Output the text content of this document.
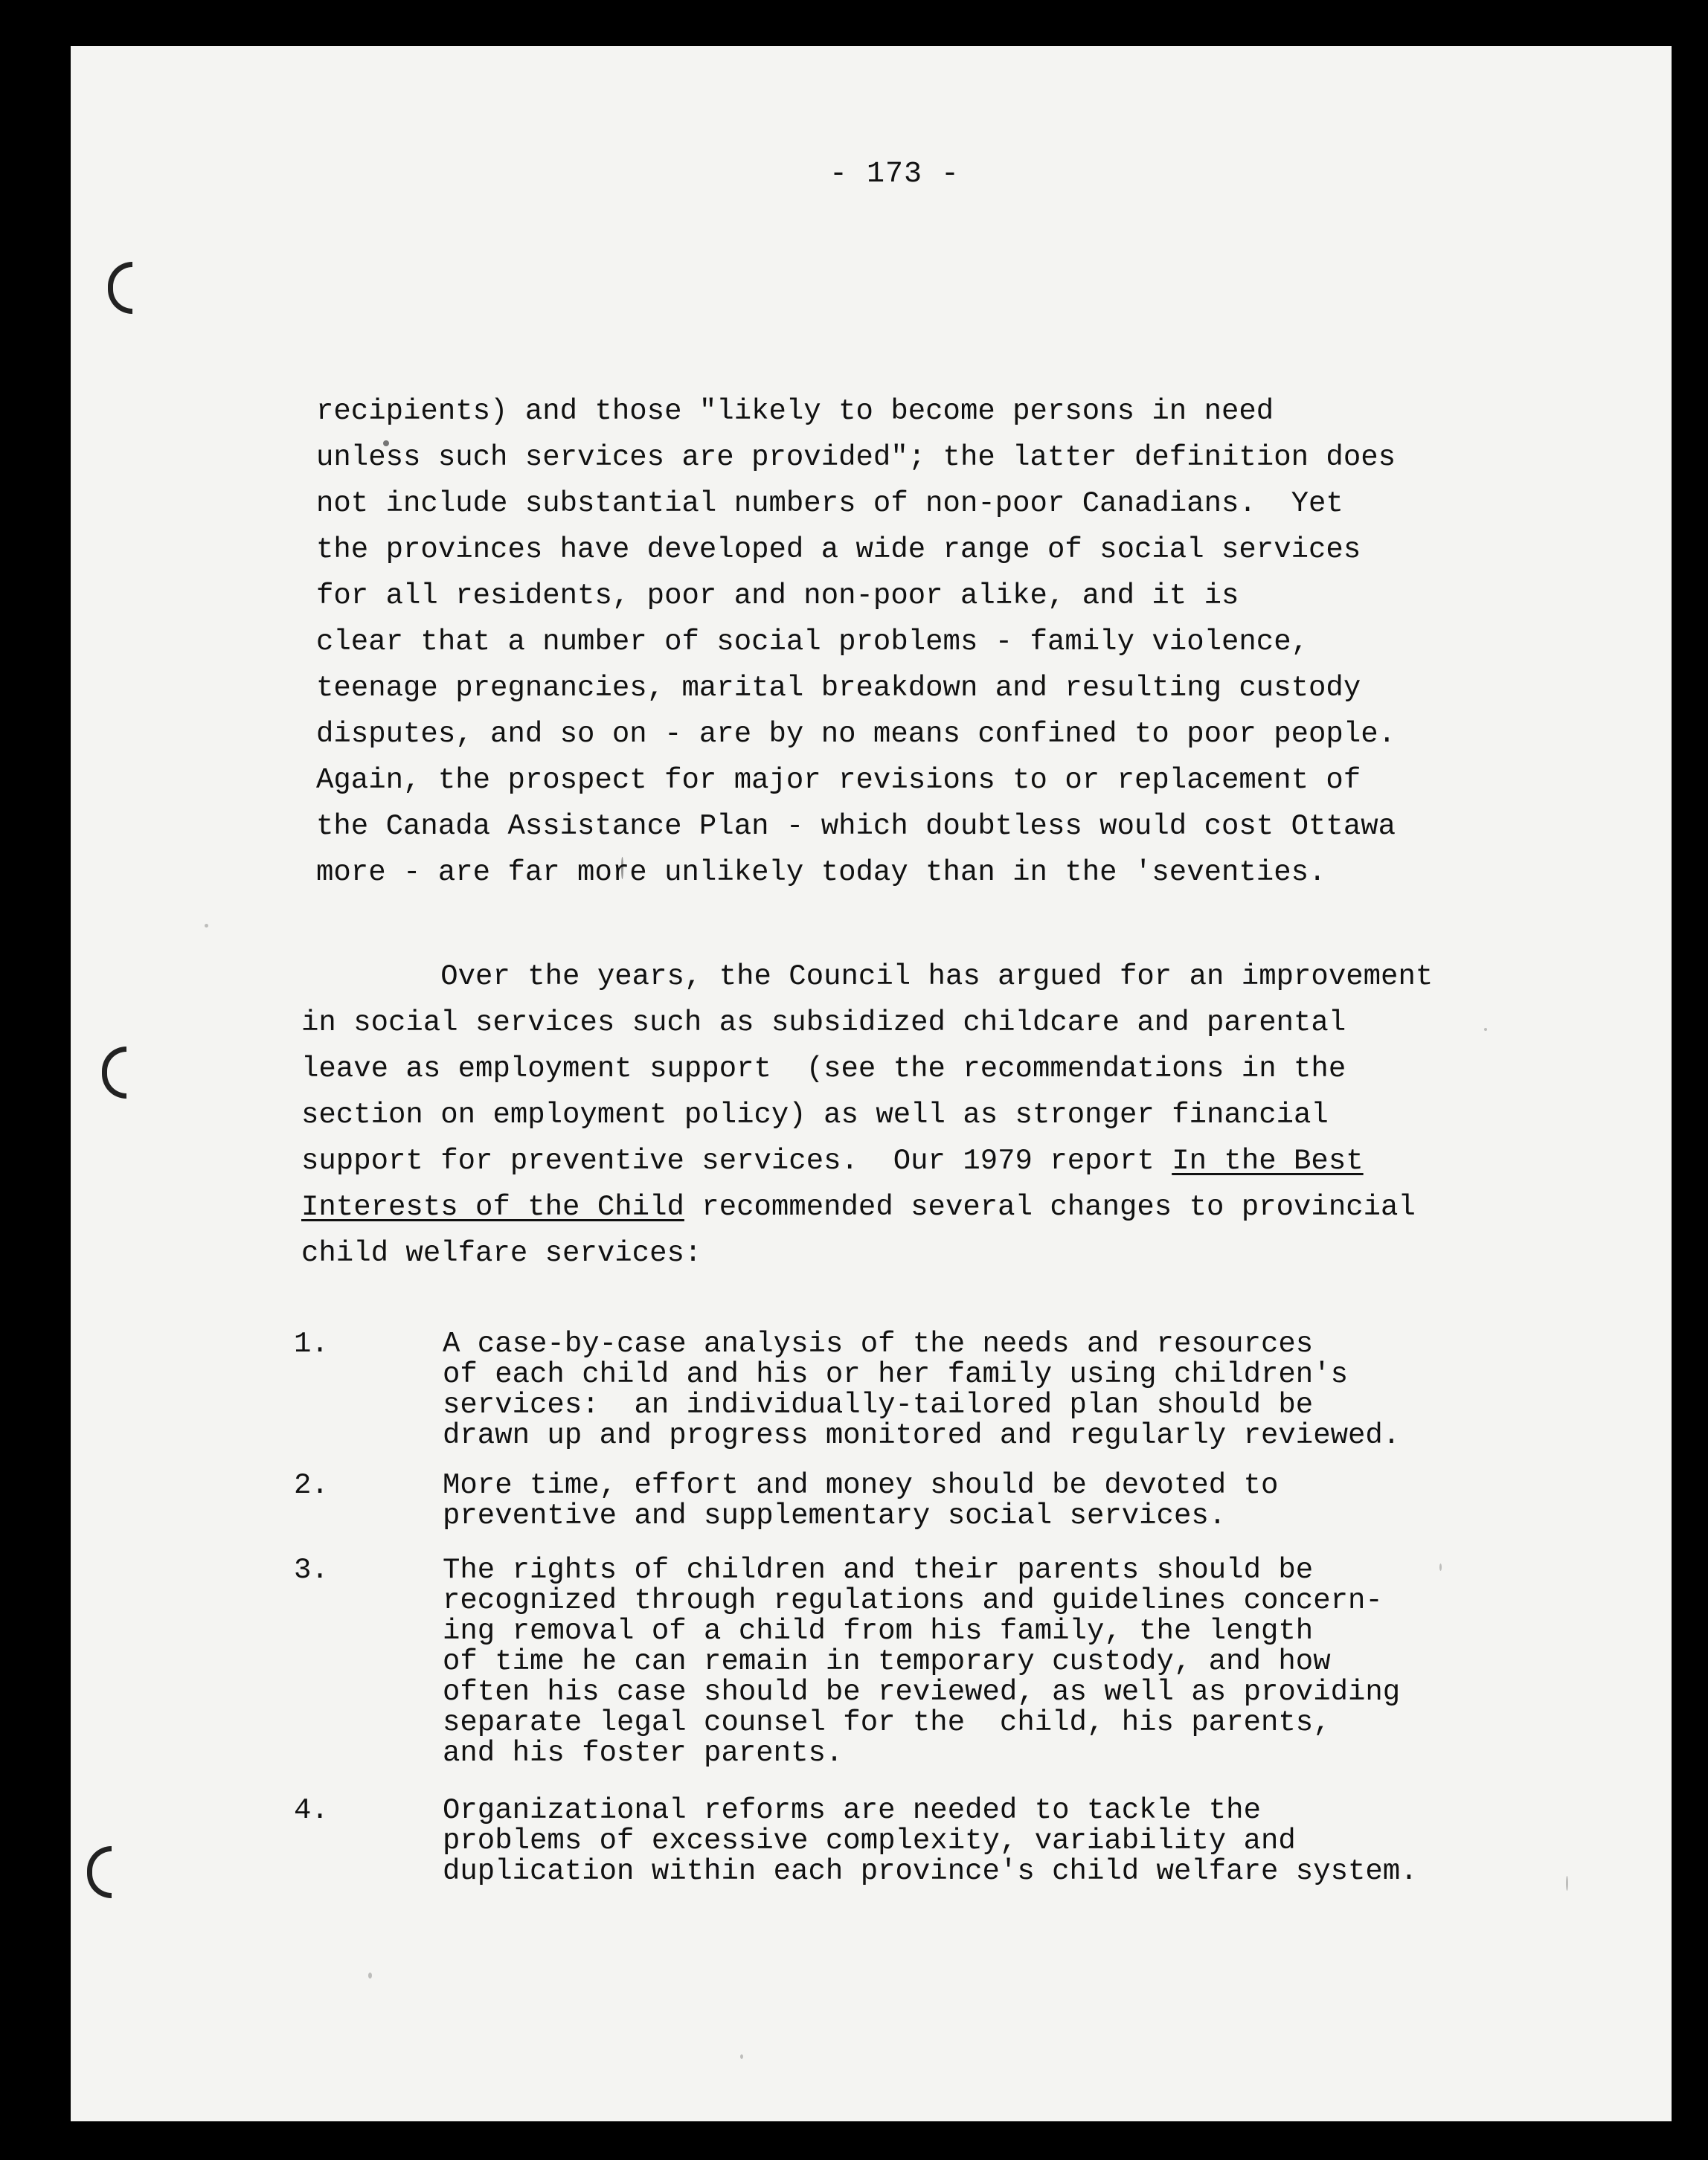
- 173 -
recipients) and those "likely to become persons in need
unless such services are provided"; the latter definition does
not include substantial numbers of non-poor Canadians.  Yet
the provinces have developed a wide range of social services
for all residents, poor and non-poor alike, and it is
clear that a number of social problems - family violence,
teenage pregnancies, marital breakdown and resulting custody
disputes, and so on - are by no means confined to poor people.
Again, the prospect for major revisions to or replacement of
the Canada Assistance Plan - which doubtless would cost Ottawa
more - are far more unlikely today than in the 'seventies.
Over the years, the Council has argued for an improvement
in social services such as subsidized childcare and parental
leave as employment support  (see the recommendations in the
section on employment policy) as well as stronger financial
support for preventive services.  Our 1979 report In the Best
Interests of the Child recommended several changes to provincial
child welfare services:
1.	A case-by-case analysis of the needs and resources
of each child and his or her family using children's
services:  an individually-tailored plan should be
drawn up and progress monitored and regularly reviewed.
2.	More time, effort and money should be devoted to
preventive and supplementary social services.
3.	The rights of children and their parents should be
recognized through regulations and guidelines concern-
ing removal of a child from his family, the length
of time he can remain in temporary custody, and how
often his case should be reviewed, as well as providing
separate legal counsel for the  child, his parents,
and his foster parents.
4.	Organizational reforms are needed to tackle the
problems of excessive complexity, variability and
duplication within each province's child welfare system.
